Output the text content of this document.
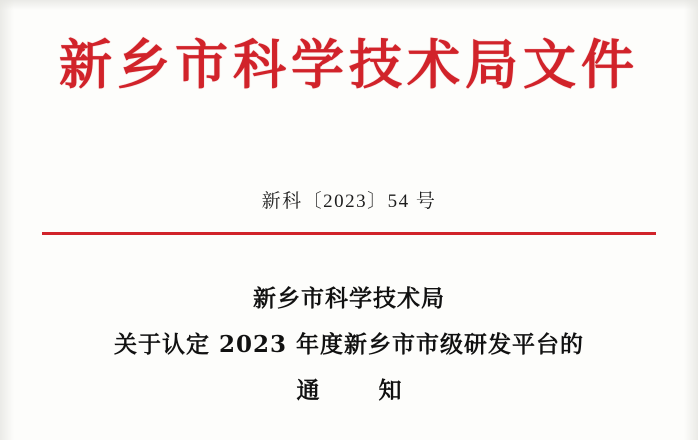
新乡市科学技术局文件
新科〔2023〕54 号
新乡市科学技术局
关于认定 2023 年度新乡市市级研发平台的
通　知
